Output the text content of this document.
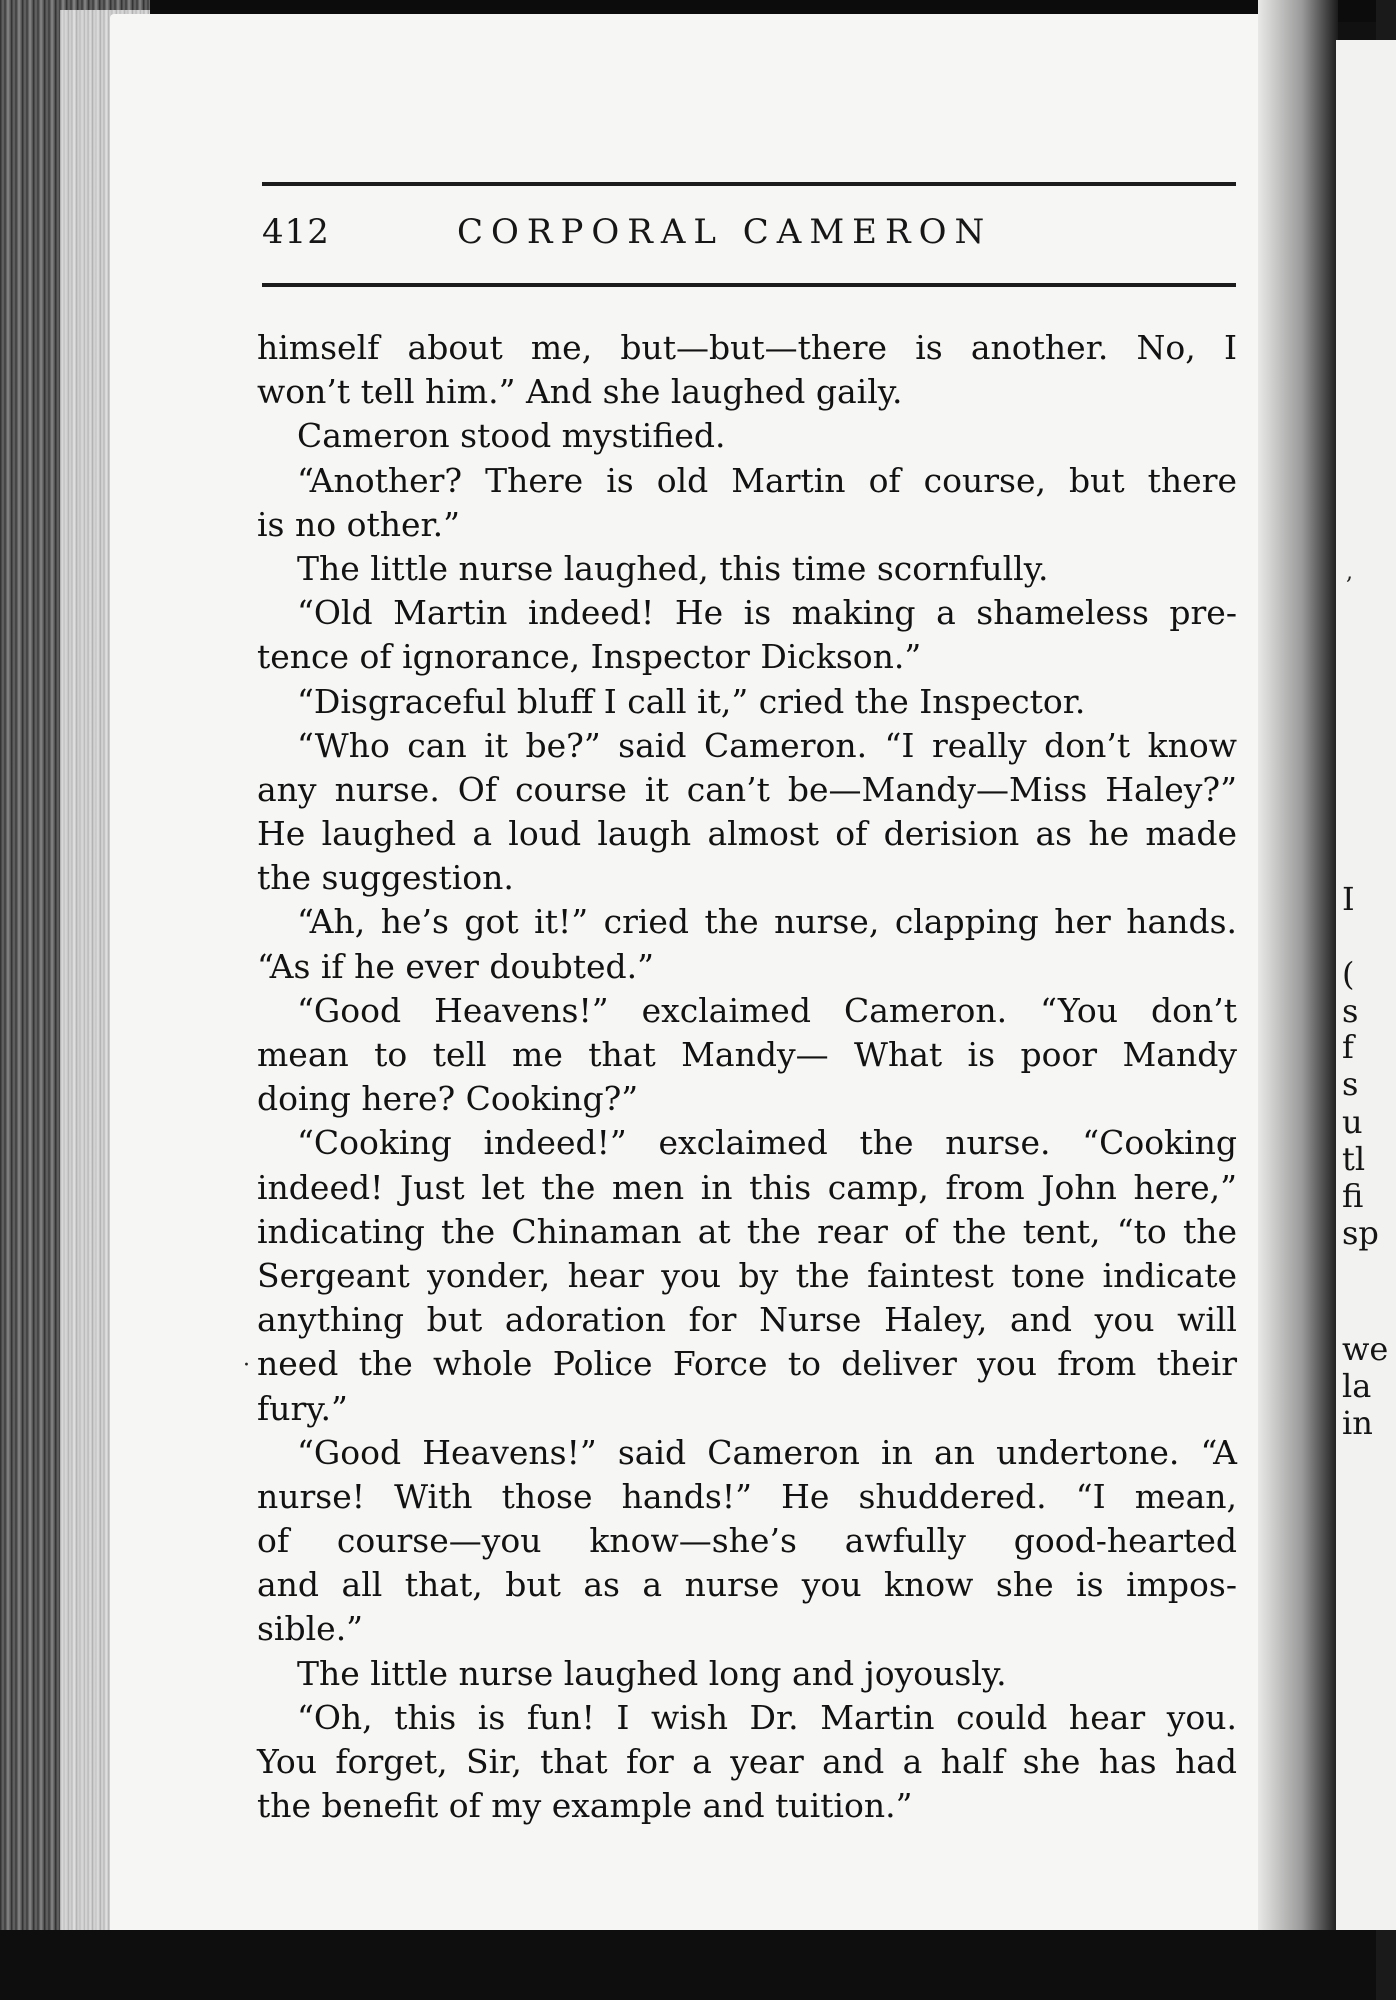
412	CORPORAL CAMERON
himself about me, but—but—there is another. No, I
won’t tell him.” And she laughed gaily.
Cameron stood mystified.
“Another? There is old Martin of course, but there
is no other.”
The little nurse laughed, this time scornfully.
“Old Martin indeed! He is making a shameless pre-
tence of ignorance, Inspector Dickson.”
“Disgraceful bluff I call it,” cried the Inspector.
“Who can it be?” said Cameron. “I really don’t know
any nurse. Of course it can’t be—Mandy—Miss Haley?”
He laughed a loud laugh almost of derision as he made
the suggestion.
“Ah, he’s got it!” cried the nurse, clapping her hands.
“As if he ever doubted.”
“Good Heavens!” exclaimed Cameron. “You don’t
mean to tell me that Mandy— What is poor Mandy
doing here? Cooking?”
“Cooking indeed!” exclaimed the nurse. “Cooking
indeed! Just let the men in this camp, from John here,”
indicating the Chinaman at the rear of the tent, “to the
Sergeant yonder, hear you by the faintest tone indicate
anything but adoration for Nurse Haley, and you will
need the whole Police Force to deliver you from their
fury.”
“Good Heavens!” said Cameron in an undertone. “A
nurse! With those hands!” He shuddered. “I mean,
of course—you know—she’s awfully good-hearted
and all that, but as a nurse you know she is impos-
sible.”
The little nurse laughed long and joyously.
“Oh, this is fun! I wish Dr. Martin could hear you.
You forget, Sir, that for a year and a half she has had
the benefit of my example and tuition.”
·
,
I
(
s
f
s
u
tl
fi
sp
we
la
in
